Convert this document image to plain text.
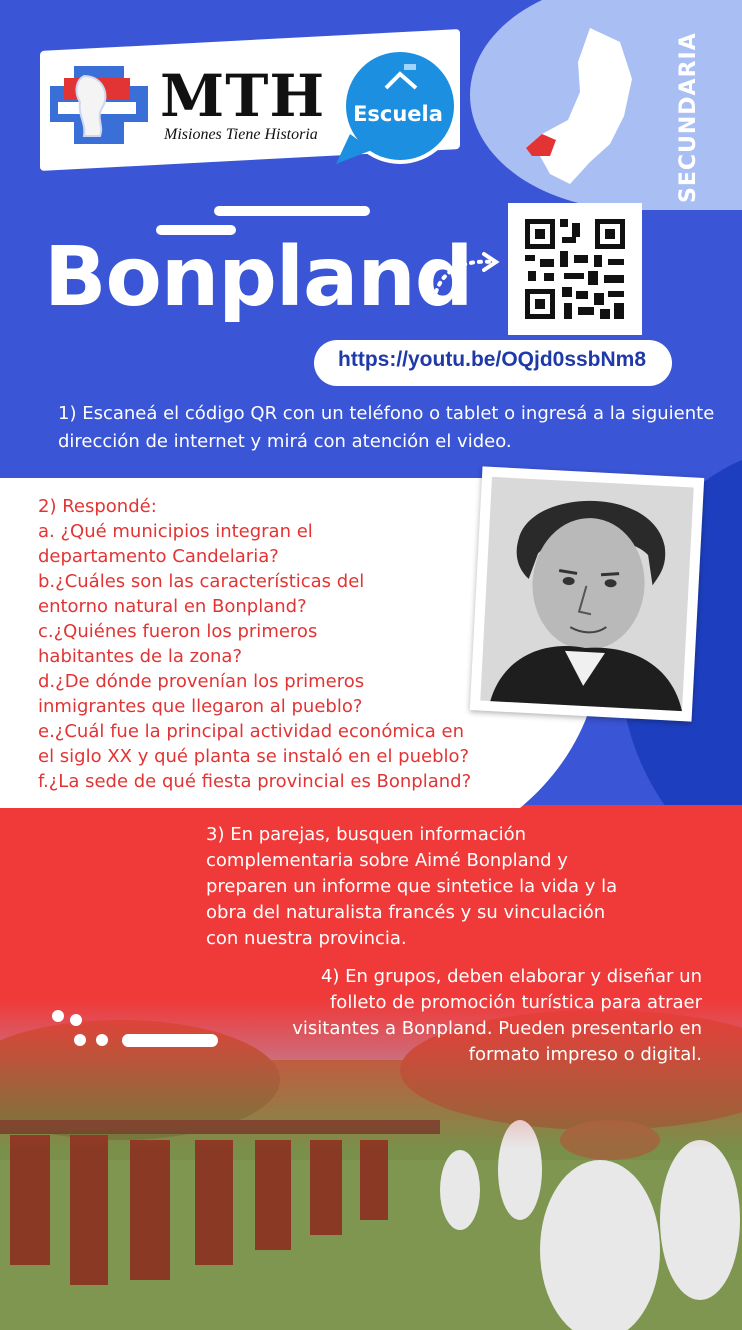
SECUNDARIA
MTH
Misiones Tiene Historia
Escuela
Bonpland
https://youtu.be/OQjd0ssbNm8
1) Escaneá el código QR con un teléfono o tablet o ingresá a la siguiente dirección de internet y mirá con atención el video.
2) Respondé:
a. ¿Qué municipios integran el
departamento Candelaria?
b.¿Cuáles son las características del
entorno natural en Bonpland?
c.¿Quiénes fueron los primeros
habitantes de la zona?
d.¿De dónde provenían los primeros
inmigrantes que llegaron al pueblo?
e.¿Cuál fue la principal actividad económica en
el siglo XX y qué planta se instaló en el pueblo?
f.¿La sede de qué fiesta provincial es Bonpland?
3) En parejas, busquen información complementaria sobre Aimé Bonpland y preparen un informe que sintetice la vida y la obra del naturalista francés y su vinculación con nuestra provincia.
4) En grupos, deben elaborar y diseñar un folleto de promoción turística para atraer visitantes a Bonpland. Pueden presentarlo en formato impreso o digital.
